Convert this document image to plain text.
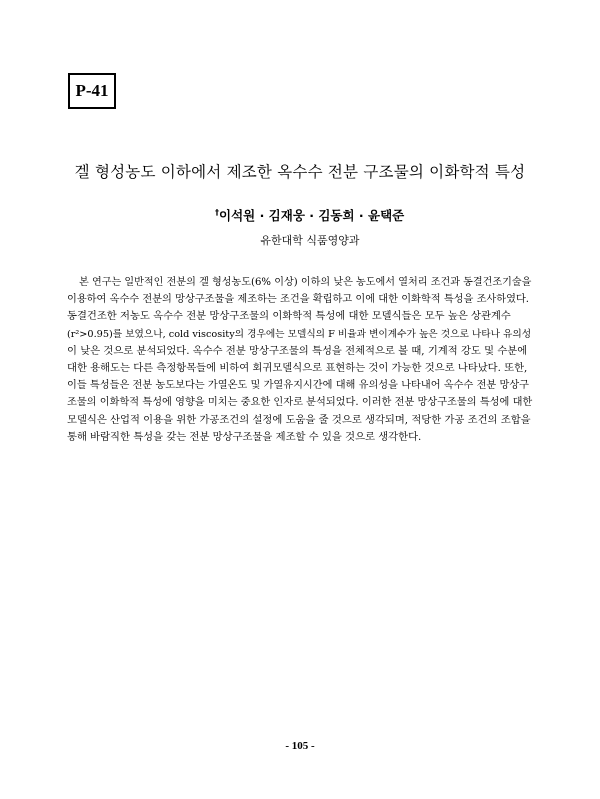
P-41
겔 형성농도 이하에서 제조한 옥수수 전분 구조물의 이화학적 특성
†이석원 · 김재웅 · 김동희 · 윤택준
유한대학 식품영양과
본 연구는 일반적인 전분의 겔 형성농도(6% 이상) 이하의 낮은 농도에서 열처리 조건과 동결건조기술을
이용하여 옥수수 전분의 망상구조물을 제조하는 조건을 확립하고 이에 대한 이화학적 특성을 조사하였다.
동결건조한 저농도 옥수수 전분 망상구조물의 이화학적 특성에 대한 모델식들은 모두 높은 상관계수
(r²>0.95)를 보였으나, cold viscosity의 경우에는 모델식의 F 비율과 변이계수가 높은 것으로 나타나 유의성
이 낮은 것으로 분석되었다. 옥수수 전분 망상구조물의 특성을 전체적으로 볼 때, 기계적 강도 및 수분에
대한 용해도는 다른 측정항목들에 비하여 회귀모델식으로 표현하는 것이 가능한 것으로 나타났다. 또한,
이들 특성들은 전분 농도보다는 가열온도 및 가열유지시간에 대해 유의성을 나타내어 옥수수 전분 망상구
조물의 이화학적 특성에 영향을 미치는 중요한 인자로 분석되었다. 이러한 전분 망상구조물의 특성에 대한
모델식은 산업적 이용을 위한 가공조건의 설정에 도움을 줄 것으로 생각되며, 적당한 가공 조건의 조합을
통해 바람직한 특성을 갖는 전분 망상구조물을 제조할 수 있을 것으로 생각한다.
- 105 -
